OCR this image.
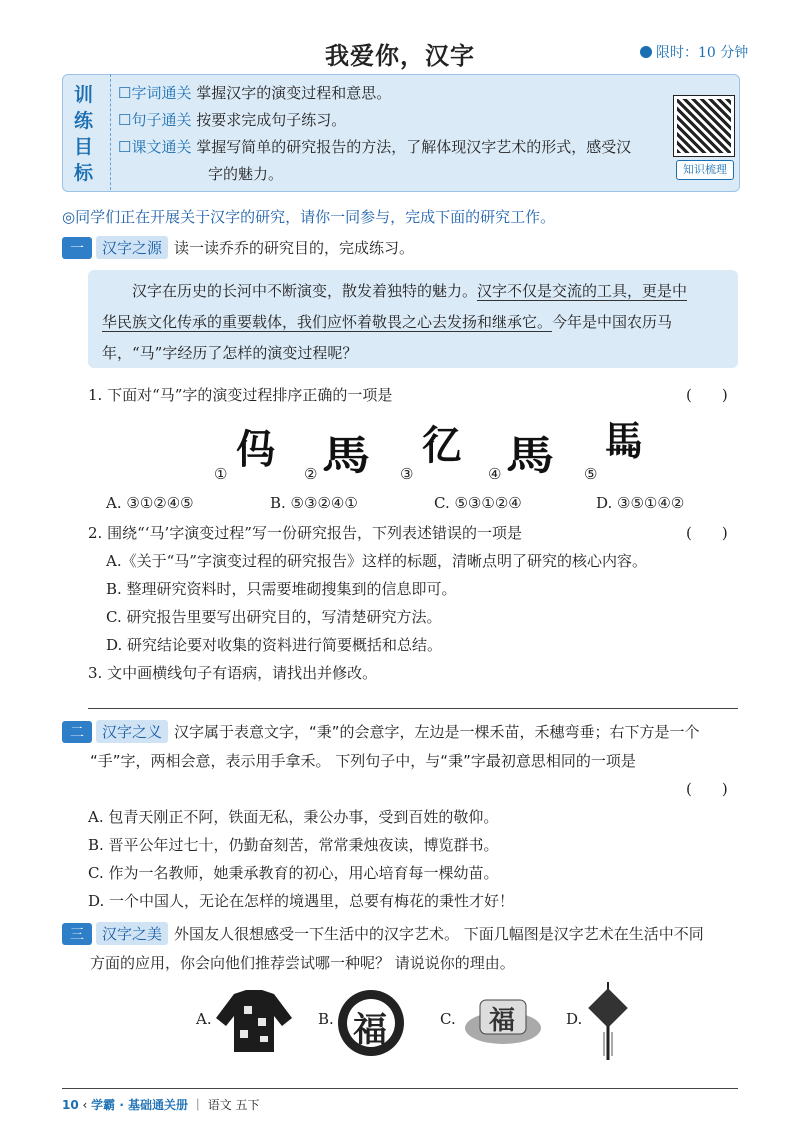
我爱你，汉字	限时：10 分钟
训
练
目
标
☐字词通关 掌握汉字的演变过程和意思。
☐句子通关 按要求完成句子练习。
☐课文通关 掌握写简单的研究报告的方法，了解体现汉字艺术的形式，感受汉
字的魅力。	知识梳理
◎同学们正在开展关于汉字的研究，请你一同参与，完成下面的研究工作。
一 汉字之源 读一读乔乔的研究目的，完成练习。

汉字在历史的长河中不断演变，散发着独特的魅力。汉字不仅是交流的工具，更是中

华民族文化传承的重要载体，我们应怀着敬畏之心去发扬和继承它。今年是中国农历马

年，“马”字经历了怎样的演变过程呢？

1. 下面对“马”字的演变过程排序正确的一项是	(　　)
①
㐷
② 馬 ③
𢒼
④ 馬 ⑤
𩡧
A. ③①②④⑤	B. ⑤③②④①	C. ⑤③①②④	D. ③⑤①④②
2. 围绕“‘马’字演变过程”写一份研究报告，下列表述错误的一项是	(　　)
A.《关于“马”字演变过程的研究报告》这样的标题，清晰点明了研究的核心内容。
B. 整理研究资料时，只需要堆砌搜集到的信息即可。
C. 研究报告里要写出研究目的，写清楚研究方法。
D. 研究结论要对收集的资料进行简要概括和总结。
3. 文中画横线句子有语病，请找出并修改。
二 汉字之义 汉字属于表意文字，“秉”的会意字，左边是一棵禾苗，禾穗弯垂；右下方是一个
“手”字，两相会意，表示用手拿禾。 下列句子中，与“秉”字最初意思相同的一项是
(　　)
A. 包青天刚正不阿，铁面无私，秉公办事，受到百姓的敬仰。
B. 晋平公年过七十，仍勤奋刻苦，常常秉烛夜读，博览群书。
C. 作为一名教师，她秉承教育的初心，用心培育每一棵幼苗。
D. 一个中国人，无论在怎样的境遇里，总要有梅花的秉性才好！
三 汉字之美 外国友人很想感受一下生活中的汉字艺术。 下面几幅图是汉字艺术在生活中不同
方面的应用，你会向他们推荐尝试哪一种呢？ 请说说你的理由。
A.	B. 福	C. 福	D.
10 ‹ 学霸 · 基础通关册 ｜ 语文 五下
